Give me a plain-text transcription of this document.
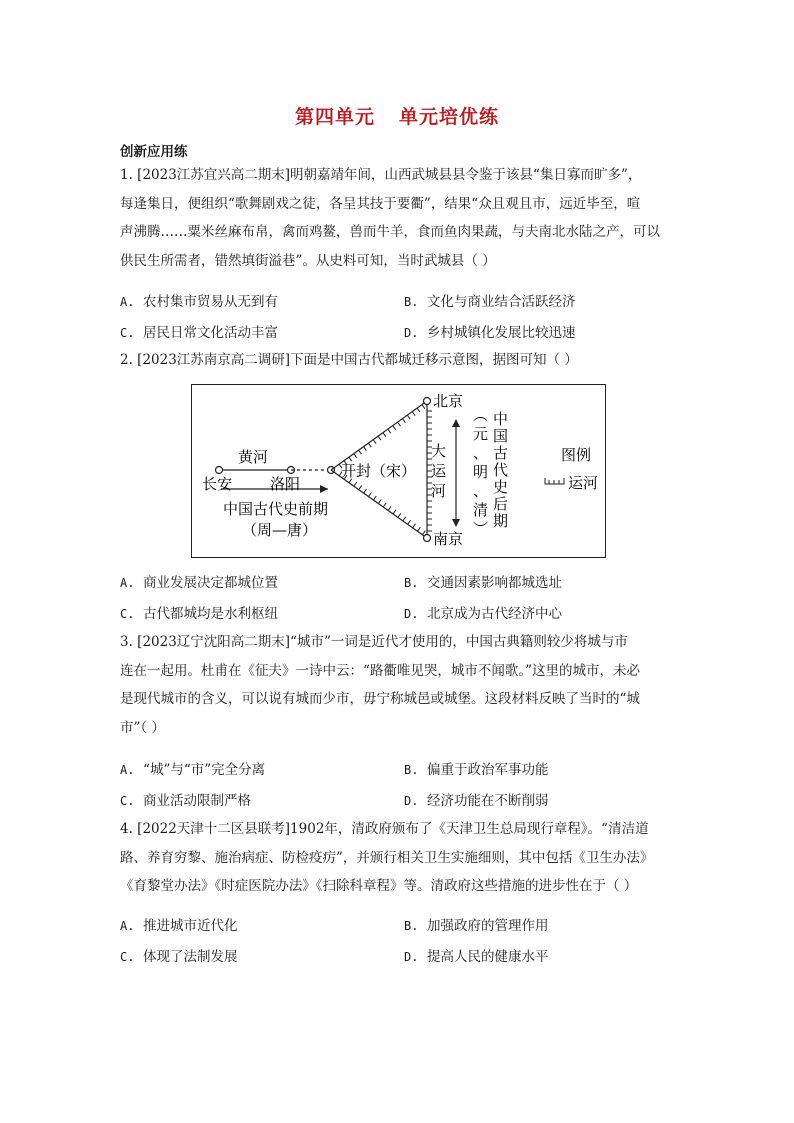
第四单元 单元培优练
创新应用练
1. [2023江苏宜兴高二期末]明朝嘉靖年间，山西武城县县令鉴于该县“集日寡而旷多”，
每逢集日，便组织“歌舞剧戏之徒，各呈其技于要衢”，结果“众且观且市，远近毕至，喧
声沸腾……粟米丝麻布帛，禽而鸡鳌，兽而牛羊，食而鱼肉果蔬，与夫南北水陆之产，可以
供民生所需者，错然填街溢巷”。从史料可知，当时武城县（ ）
A. 农村集市贸易从无到有	B. 文化与商业结合活跃经济
C. 居民日常文化活动丰富	D. 乡村城镇化发展比较迅速
2. [2023江苏南京高二调研]下面是中国古代都城迁移示意图，据图可知（ ）
黄河
长安	洛阳
开封（宋）
北京
南京
中国古代史前期
（周—唐）
大运河
中国古代史后期
︵元、明、清︶
图例
运河
A. 商业发展决定都城位置	B. 交通因素影响都城选址
C. 古代都城均是水利枢纽	D. 北京成为古代经济中心
3. [2023辽宁沈阳高二期末]“城市”一词是近代才使用的，中国古典籍则较少将城与市
连在一起用。杜甫在《征夫》一诗中云：“路衢唯见哭，城市不闻歌。”这里的城市，未必
是现代城市的含义，可以说有城而少市，毋宁称城邑或城堡。这段材料反映了当时的“城
市”（ ）
A. “城”与“市”完全分离	B. 偏重于政治军事功能
C. 商业活动限制严格	D. 经济功能在不断削弱
4. [2022天津十二区县联考]1902年，清政府颁布了《天津卫生总局现行章程》。“清洁道
路、养育穷黎、施治病症、防检疫疠”，并颁行相关卫生实施细则，其中包括《卫生办法》
《育黎堂办法》《时症医院办法》《扫除科章程》等。清政府这些措施的进步性在于（ ）
A. 推进城市近代化	B. 加强政府的管理作用
C. 体现了法制发展	D. 提高人民的健康水平
